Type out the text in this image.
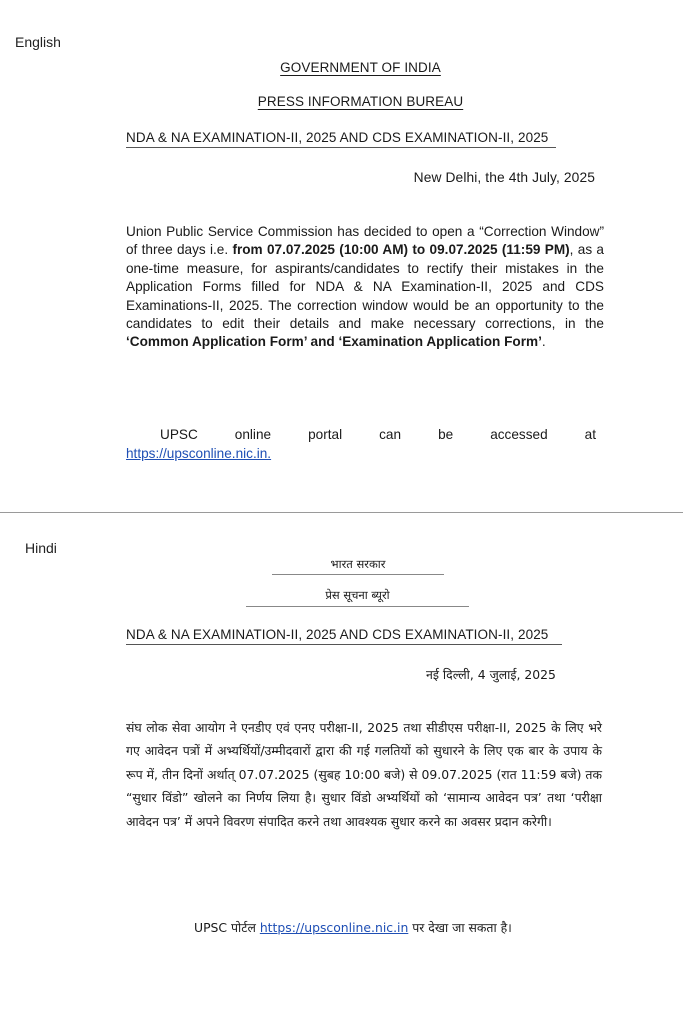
English
GOVERNMENT OF INDIA
PRESS INFORMATION BUREAU
NDA & NA EXAMINATION-II, 2025 AND CDS EXAMINATION-II, 2025
New Delhi, the 4th July, 2025
Union Public Service Commission has decided to open a “Correction Window” of three days i.e. from 07.07.2025 (10:00 AM) to 09.07.2025 (11:59 PM), as a one-time measure, for aspirants/candidates to rectify their mistakes in the Application Forms filled for NDA & NA Examination-II, 2025 and CDS Examinations-II, 2025. The correction window would be an opportunity to the candidates to edit their details and make necessary corrections, in the ‘Common Application Form’ and ‘Examination Application Form’.
UPSC	online	portal	can	be	accessed	at
https://upsconline.nic.in.
Hindi
भारत सरकार
प्रेस सूचना ब्यूरो
NDA & NA EXAMINATION-II, 2025 AND CDS EXAMINATION-II, 2025
नई दिल्ली, 4 जुलाई, 2025
संघ लोक सेवा आयोग ने एनडीए एवं एनए परीक्षा-II, 2025 तथा सीडीएस परीक्षा-II, 2025 के लिए भरे गए आवेदन पत्रों में अभ्यर्थियों/उम्मीदवारों द्वारा की गई गलतियों को सुधारने के लिए एक बार के उपाय के रूप में, तीन दिनों अर्थात् 07.07.2025 (सुबह 10:00 बजे) से 09.07.2025 (रात 11:59 बजे) तक “सुधार विंडो” खोलने का निर्णय लिया है। सुधार विंडो अभ्यर्थियों को ‘सामान्य आवेदन पत्र’ तथा ‘परीक्षा आवेदन पत्र’ में अपने विवरण संपादित करने तथा आवश्यक सुधार करने का अवसर प्रदान करेगी।
UPSC पोर्टल https://upsconline.nic.in पर देखा जा सकता है।
